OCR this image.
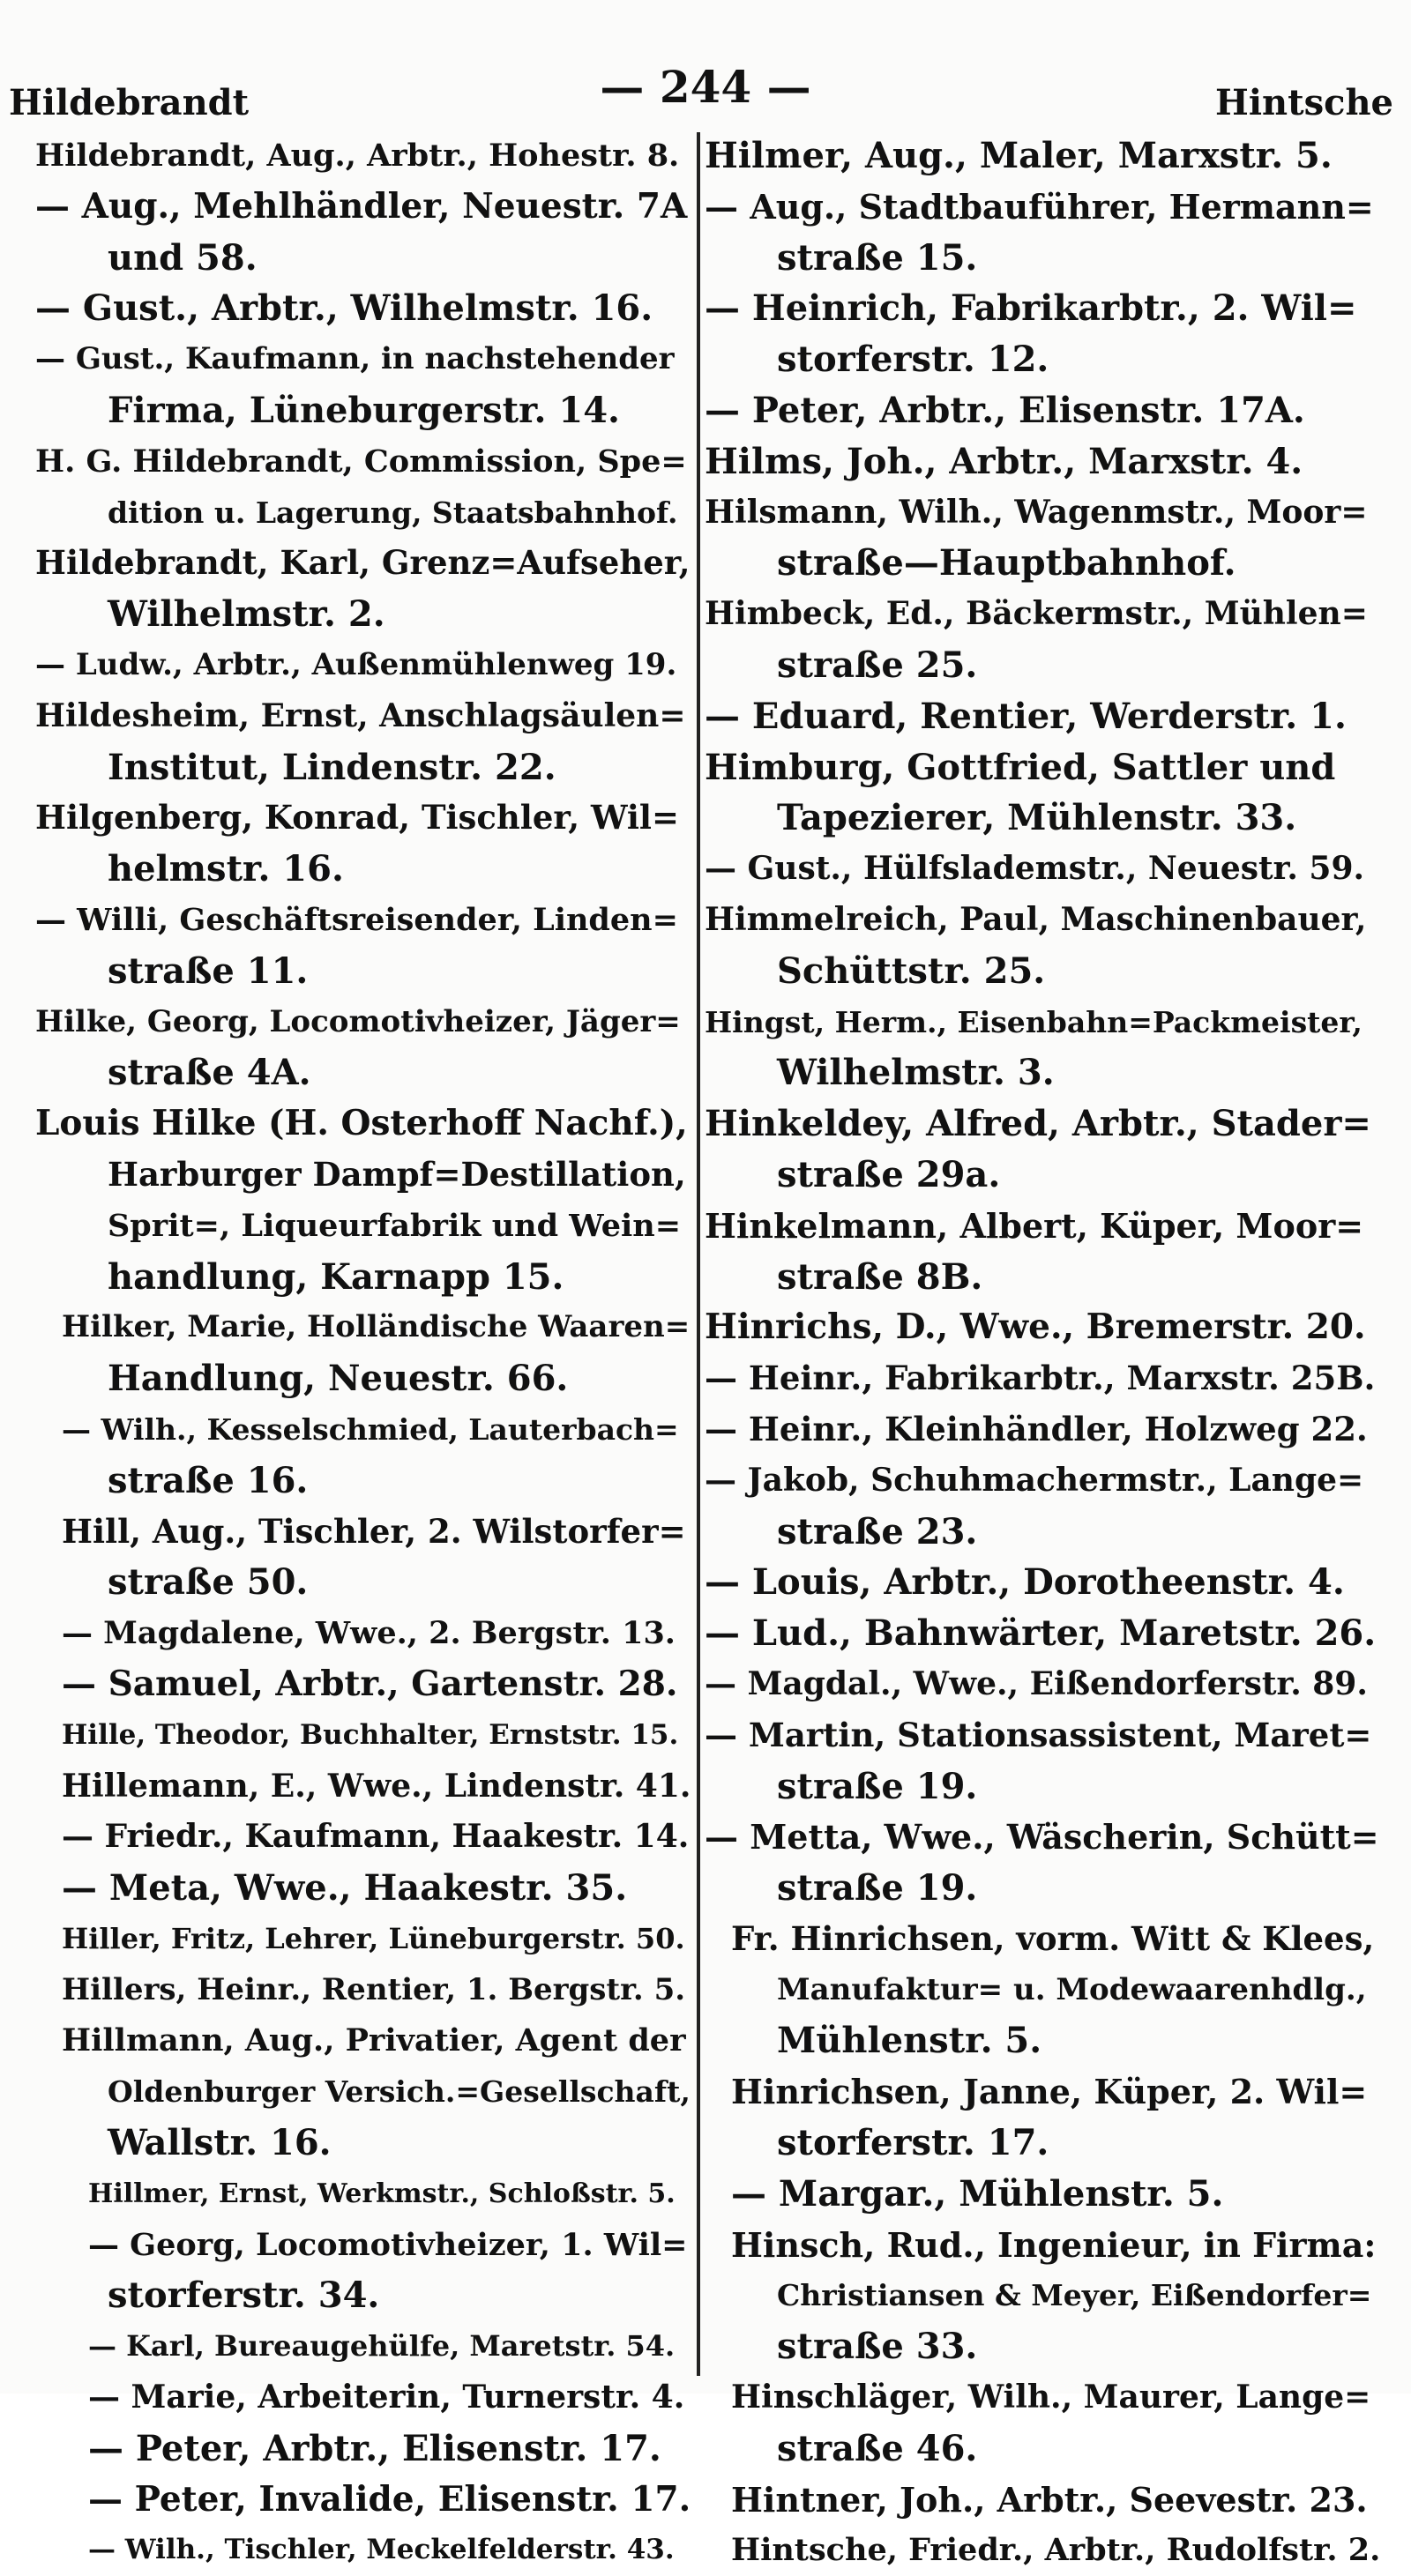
Hildebrandt	— 244 —	Hintsche
Hildebrandt, Aug., Arbtr., Hohestr. 8.
— Aug., Mehlhändler, Neuestr. 7A
und 58.
— Gust., Arbtr., Wilhelmstr. 16.
— Gust., Kaufmann, in nachstehender
Firma, Lüneburgerstr. 14.
H. G. Hildebrandt, Commission, Spe=
dition u. Lagerung, Staatsbahnhof.
Hildebrandt, Karl, Grenz=Aufseher,
Wilhelmstr. 2.
— Ludw., Arbtr., Außenmühlenweg 19.
Hildesheim, Ernst, Anschlagsäulen=
Institut, Lindenstr. 22.
Hilgenberg, Konrad, Tischler, Wil=
helmstr. 16.
— Willi, Geschäftsreisender, Linden=
straße 11.
Hilke, Georg, Locomotivheizer, Jäger=
straße 4A.
Louis Hilke (H. Osterhoff Nachf.),
Harburger Dampf=Destillation,
Sprit=, Liqueurfabrik und Wein=
handlung, Karnapp 15.
Hilker, Marie, Holländische Waaren=
Handlung, Neuestr. 66.
— Wilh., Kesselschmied, Lauterbach=
straße 16.
Hill, Aug., Tischler, 2. Wilstorfer=
straße 50.
— Magdalene, Wwe., 2. Bergstr. 13.
— Samuel, Arbtr., Gartenstr. 28.
Hille, Theodor, Buchhalter, Ernststr. 15.
Hillemann, E., Wwe., Lindenstr. 41.
— Friedr., Kaufmann, Haakestr. 14.
— Meta, Wwe., Haakestr. 35.
Hiller, Fritz, Lehrer, Lüneburgerstr. 50.
Hillers, Heinr., Rentier, 1. Bergstr. 5.
Hillmann, Aug., Privatier, Agent der
Oldenburger Versich.=Gesellschaft,
Wallstr. 16.
Hillmer, Ernst, Werkmstr., Schloßstr. 5.
— Georg, Locomotivheizer, 1. Wil=
storferstr. 34.
— Karl, Bureaugehülfe, Maretstr. 54.
— Marie, Arbeiterin, Turnerstr. 4.
— Peter, Arbtr., Elisenstr. 17.
— Peter, Invalide, Elisenstr. 17.
— Wilh., Tischler, Meckelfelderstr. 43.
Hilmer, Aug., Maler, Marxstr. 5.
— Aug., Stadtbauführer, Hermann=
straße 15.
— Heinrich, Fabrikarbtr., 2. Wil=
storferstr. 12.
— Peter, Arbtr., Elisenstr. 17A.
Hilms, Joh., Arbtr., Marxstr. 4.
Hilsmann, Wilh., Wagenmstr., Moor=
straße—Hauptbahnhof.
Himbeck, Ed., Bäckermstr., Mühlen=
straße 25.
— Eduard, Rentier, Werderstr. 1.
Himburg, Gottfried, Sattler und
Tapezierer, Mühlenstr. 33.
— Gust., Hülfslademstr., Neuestr. 59.
Himmelreich, Paul, Maschinenbauer,
Schüttstr. 25.
Hingst, Herm., Eisenbahn=Packmeister,
Wilhelmstr. 3.
Hinkeldey, Alfred, Arbtr., Stader=
straße 29a.
Hinkelmann, Albert, Küper, Moor=
straße 8B.
Hinrichs, D., Wwe., Bremerstr. 20.
— Heinr., Fabrikarbtr., Marxstr. 25B.
— Heinr., Kleinhändler, Holzweg 22.
— Jakob, Schuhmachermstr., Lange=
straße 23.
— Louis, Arbtr., Dorotheenstr. 4.
— Lud., Bahnwärter, Maretstr. 26.
— Magdal., Wwe., Eißendorferstr. 89.
— Martin, Stationsassistent, Maret=
straße 19.
— Metta, Wwe., Wäscherin, Schütt=
straße 19.
Fr. Hinrichsen, vorm. Witt & Klees,
Manufaktur= u. Modewaarenhdlg.,
Mühlenstr. 5.
Hinrichsen, Janne, Küper, 2. Wil=
storferstr. 17.
— Margar., Mühlenstr. 5.
Hinsch, Rud., Ingenieur, in Firma:
Christiansen & Meyer, Eißendorfer=
straße 33.
Hinschläger, Wilh., Maurer, Lange=
straße 46.
Hintner, Joh., Arbtr., Seevestr. 23.
Hintsche, Friedr., Arbtr., Rudolfstr. 2.
